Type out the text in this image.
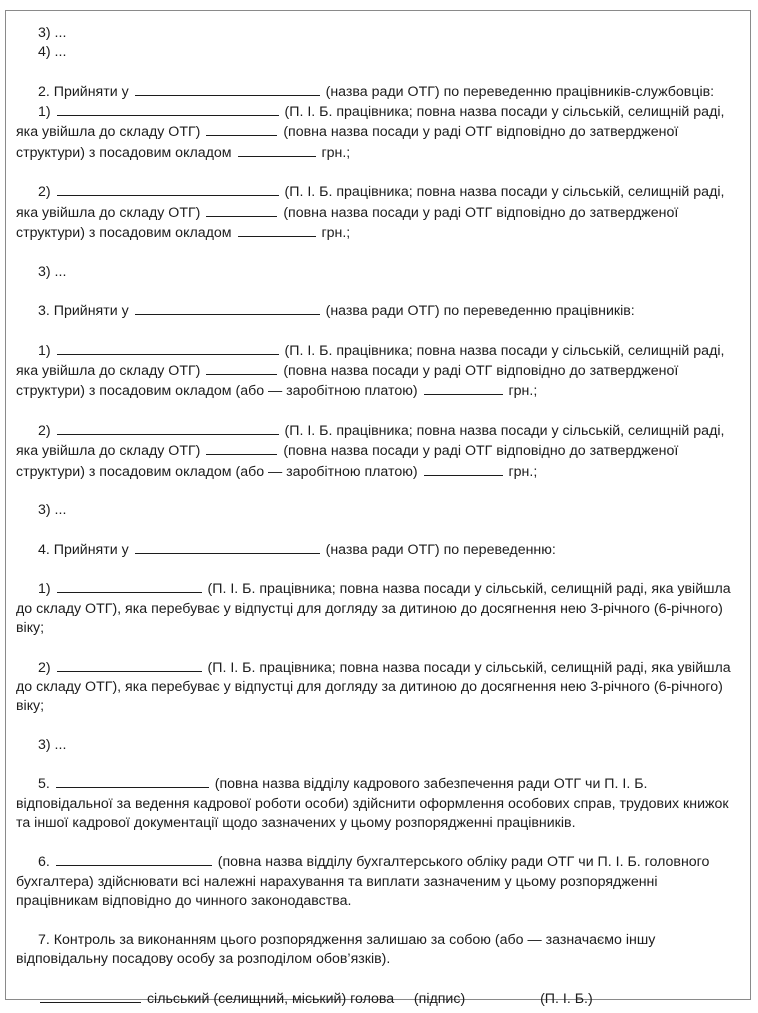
3) ...

4) ...

2. Прийняти у	(назва ради ОТГ) по переведенню працівників-службовців:

1)	(П. І. Б. працівника; повна назва посади у сільській, селищній раді, яка увійшла до складу ОТГ)	(повна назва посади у раді ОТГ відповідно до затвердженої структури) з посадовим окладом	грн.;

2)	(П. І. Б. працівника; повна назва посади у сільській, селищній раді, яка увійшла до складу ОТГ)	(повна назва посади у раді ОТГ відповідно до затвердженої структури) з посадовим окладом	грн.;

3) ...

3. Прийняти у	(назва ради ОТГ) по переведенню працівників:

1)	(П. І. Б. працівника; повна назва посади у сільській, селищній раді, яка увійшла до складу ОТГ)	(повна назва посади у раді ОТГ відповідно до затвердженої структури) з посадовим окладом (або — заробітною платою)	грн.;

2)	(П. І. Б. працівника; повна назва посади у сільській, селищній раді, яка увійшла до складу ОТГ)	(повна назва посади у раді ОТГ відповідно до затвердженої структури) з посадовим окладом (або — заробітною платою)	грн.;

3) ...

4. Прийняти у	(назва ради ОТГ) по переведенню:

1)	(П. І. Б. працівника; повна назва посади у сільській, селищній раді, яка увійшла до складу ОТГ), яка перебуває у відпустці для догляду за дитиною до досягнення нею 3-річного (6-річного) віку;

2)	(П. І. Б. працівника; повна назва посади у сільській, селищній раді, яка увійшла до складу ОТГ), яка перебуває у відпустці для догляду за дитиною до досягнення нею 3-річного (6-річного) віку;

3) ...

5.	(повна назва відділу кадрового забезпечення ради ОТГ чи П. І. Б. відповідальної за ведення кадрової роботи особи) здійснити оформлення особових справ, трудових книжок та іншої кадрової документації щодо зазначених у цьому розпорядженні працівників.

6.	(повна назва відділу бухгалтерського обліку ради ОТГ чи П. І. Б. головного бухгалтера) здійснювати всі належні нарахування та виплати зазначеним у цьому розпорядженні працівникам відповідно до чинного законодавства.

7. Контроль за виконанням цього розпорядження залишаю за собою (або — зазначаємо іншу відповідальну посадову особу за розподілом обов’язків).

сільський (селищний, міський) голова (підпис)	(П. І. Б.)
